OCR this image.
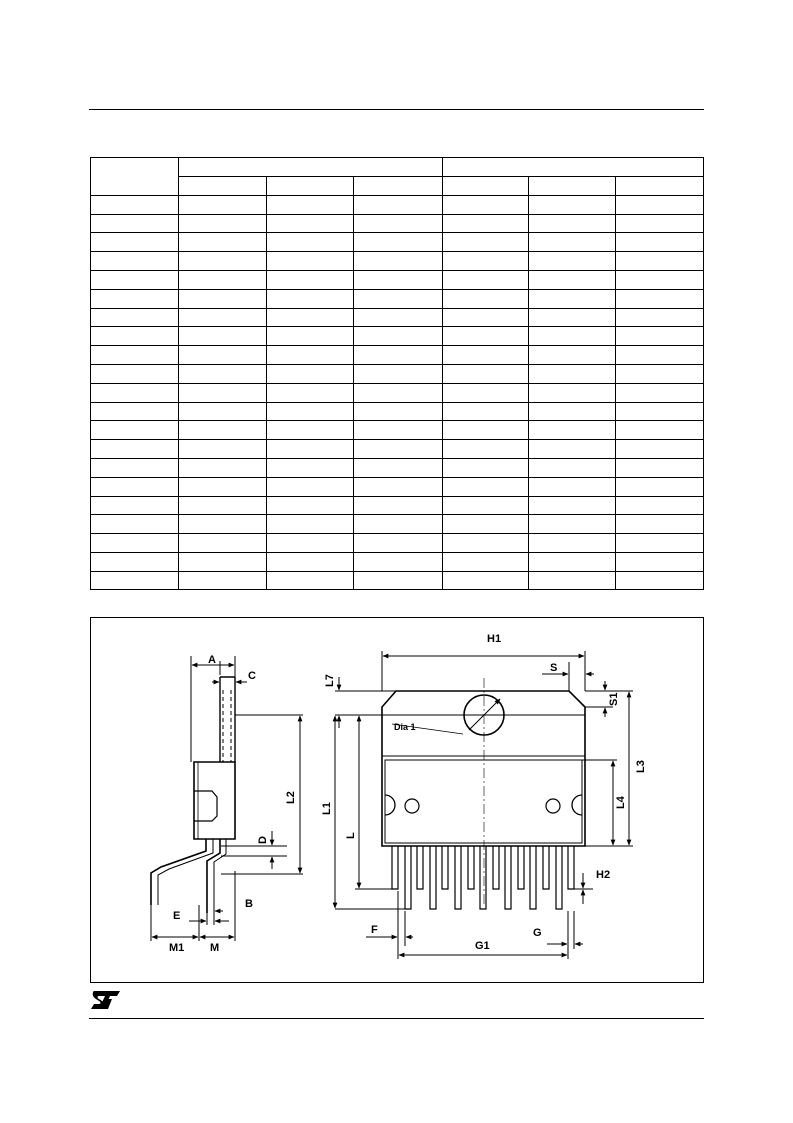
A
C
L2
D
B
E
M1 M
H1
S
S1
L7
L1
L
Dia 1
L3
L4
H2
F
G1
G
